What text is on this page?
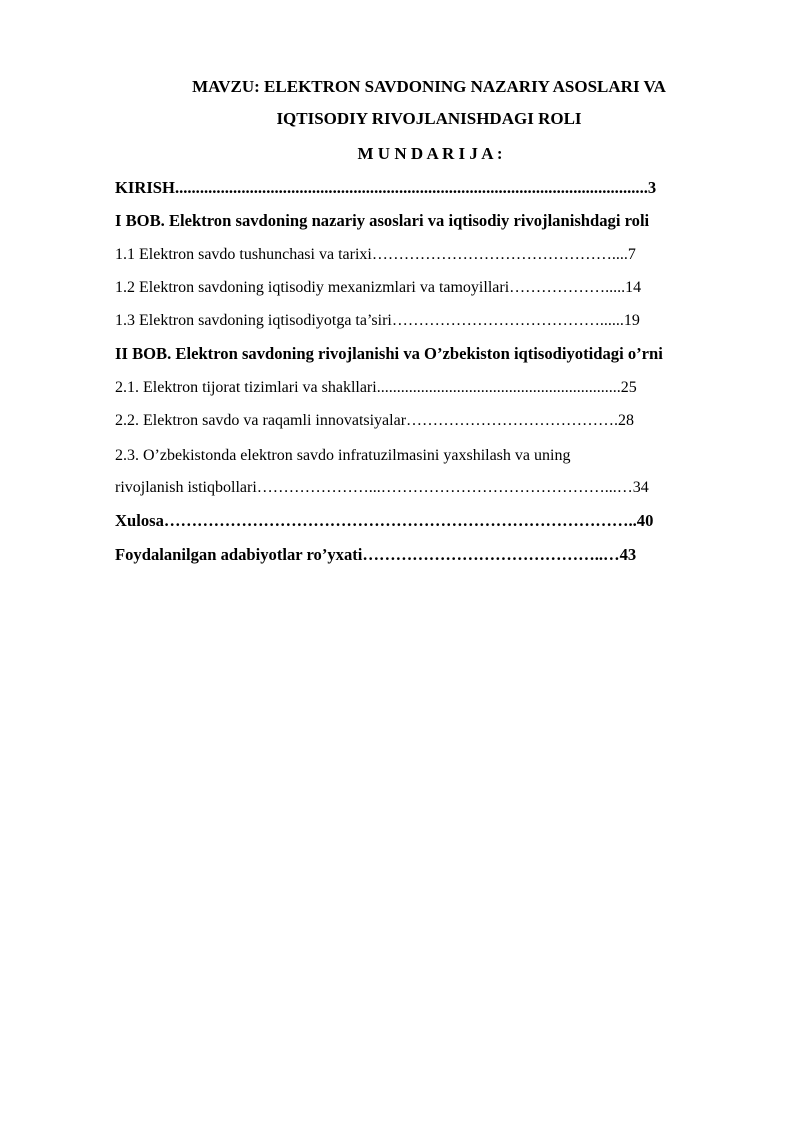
MAVZU: ELEKTRON SAVDONING NAZARIY ASOSLARI VA
IQTISODIY RIVOJLANISHDAGI ROLI
M U N D A R I J A :
KIRISH..................................................................................................................3
I BOB. Elektron savdoning nazariy asoslari va iqtisodiy rivojlanishdagi roli
1.1 Elektron savdo tushunchasi va tarixi………………………………………....7
1.2 Elektron savdoning iqtisodiy mexanizmlari va tamoyillari……………….....14
1.3 Elektron savdoning iqtisodiyotga ta’siri…………………………………......19
II BOB. Elektron savdoning rivojlanishi va O’zbekiston iqtisodiyotidagi o’rni
2.1. Elektron tijorat tizimlari va shakllari.............................................................25
2.2. Elektron savdo va raqamli innovatsiyalar………………………………….28
2.3. O’zbekistonda elektron savdo infratuzilmasini yaxshilash va uning
rivojlanish istiqbollari…………………...……………………………………...…34
Xulosa…………………………………………………………………………..40
Foydalanilgan adabiyotlar ro’yxati……………………………………..…43
